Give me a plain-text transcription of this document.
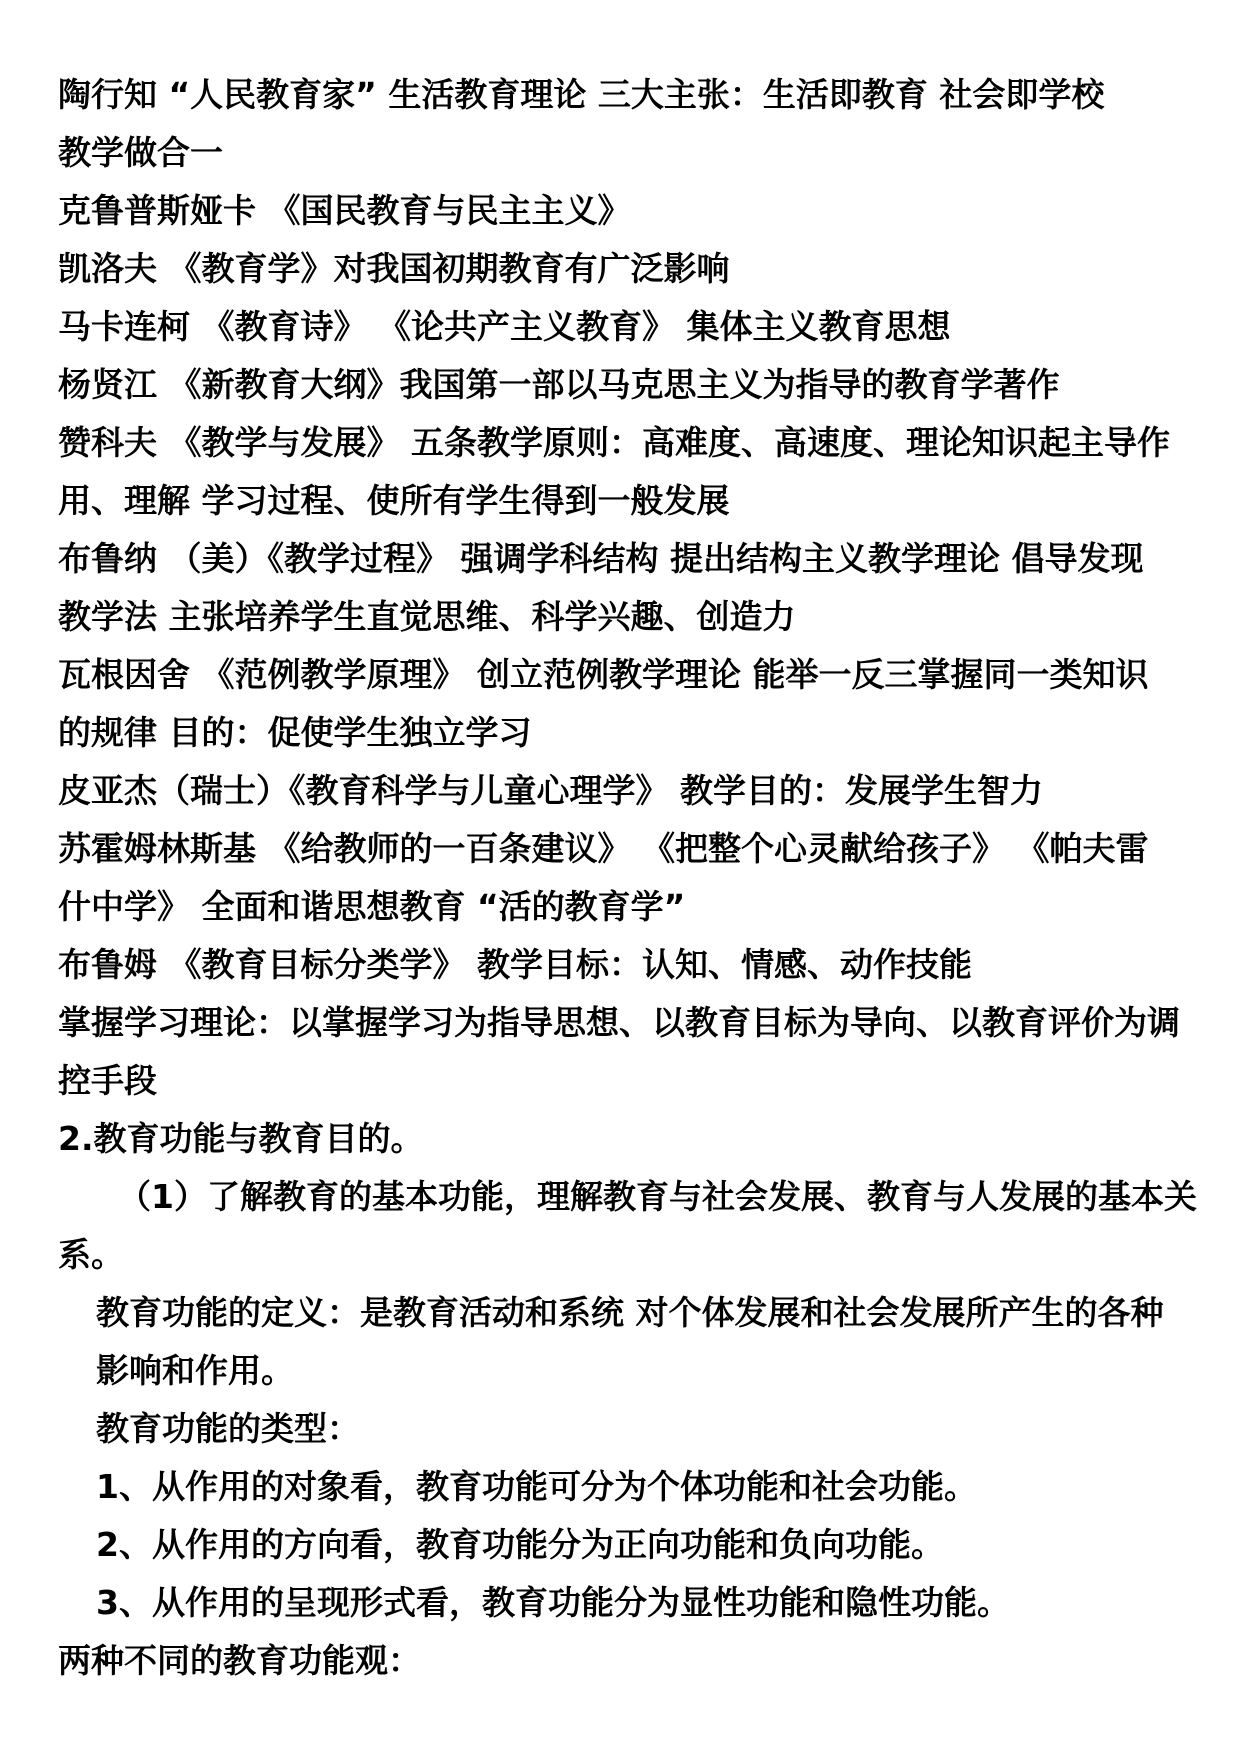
陶行知 “人民教育家” 生活教育理论 三大主张：生活即教育 社会即学校
教学做合一
克鲁普斯娅卡 《国民教育与民主主义》
凯洛夫 《教育学》对我国初期教育有广泛影响
马卡连柯 《教育诗》 《论共产主义教育》 集体主义教育思想
杨贤江 《新教育大纲》我国第一部以马克思主义为指导的教育学著作
赞科夫 《教学与发展》 五条教学原则：高难度、高速度、理论知识起主导作
用、理解 学习过程、使所有学生得到一般发展
布鲁纳 （美）《教学过程》 强调学科结构 提出结构主义教学理论 倡导发现
教学法 主张培养学生直觉思维、科学兴趣、创造力
瓦根因舍 《范例教学原理》 创立范例教学理论 能举一反三掌握同一类知识
的规律 目的：促使学生独立学习
皮亚杰（瑞士）《教育科学与儿童心理学》 教学目的：发展学生智力
苏霍姆林斯基 《给教师的一百条建议》 《把整个心灵献给孩子》 《帕夫雷
什中学》 全面和谐思想教育 “活的教育学”
布鲁姆 《教育目标分类学》 教学目标：认知、情感、动作技能
掌握学习理论：以掌握学习为指导思想、以教育目标为导向、以教育评价为调
控手段
2.教育功能与教育目的。
（1）了解教育的基本功能，理解教育与社会发展、教育与人发展的基本关
系。
教育功能的定义：是教育活动和系统 对个体发展和社会发展所产生的各种
影响和作用。
教育功能的类型：
1、从作用的对象看，教育功能可分为个体功能和社会功能。
2、从作用的方向看，教育功能分为正向功能和负向功能。
3、从作用的呈现形式看，教育功能分为显性功能和隐性功能。
两种不同的教育功能观：
